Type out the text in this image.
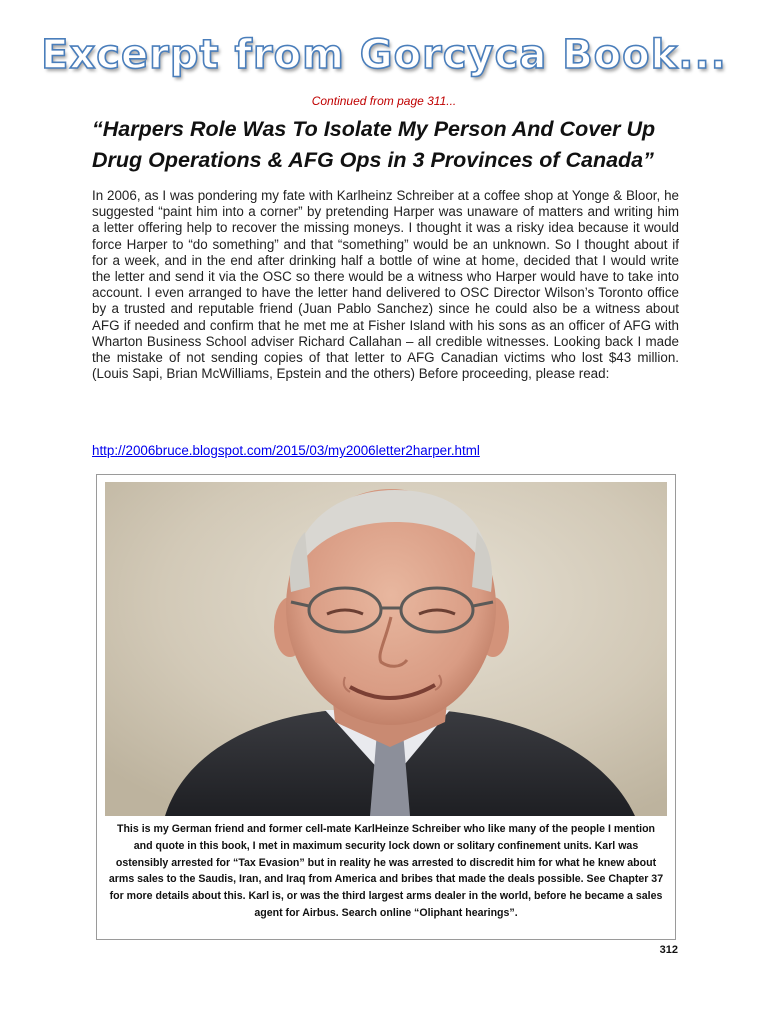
Excerpt from Gorcyca Book...
Continued from page 311...
“Harpers Role Was To Isolate My Person And Cover Up Drug Operations & AFG Ops in 3 Provinces of Canada”

In 2006, as I was pondering my fate with Karlheinz Schreiber at a coffee shop at Yonge & Bloor, he suggested “paint him into a corner” by pretending Harper was unaware of matters and writing him a letter offering help to recover the missing moneys. I thought it was a risky idea because it would force Harper to “do something” and that “something” would be an unknown. So I thought about if for a week, and in the end after drinking half a bottle of wine at home, decided that I would write the letter and send it via the OSC so there would be a witness who Harper would have to take into account. I even arranged to have the letter hand delivered to OSC Director Wilson’s Toronto office by a trusted and reputable friend (Juan Pablo Sanchez) since he could also be a witness about AFG if needed and confirm that he met me at Fisher Island with his sons as an officer of AFG with Wharton Business School adviser Richard Callahan – all credible witnesses. Looking back I made the mistake of not sending copies of that letter to AFG Canadian victims who lost $43 million. (Louis Sapi, Brian McWilliams, Epstein and the others) Before proceeding, please read:

http://2006bruce.blogspot.com/2015/03/my2006letter2harper.html

This is my German friend and former cell-mate KarlHeinze Schreiber who like many of the people I mention and quote in this book, I met in maximum security lock down or solitary confinement units. Karl was ostensibly arrested for “Tax Evasion” but in reality he was arrested to discredit him for what he knew about arms sales to the Saudis, Iran, and Iraq from America and bribes that made the deals possible. See Chapter 37 for more details about this. Karl is, or was the third largest arms dealer in the world, before he became a sales agent for Airbus. Search online “Oliphant hearings”.

312
